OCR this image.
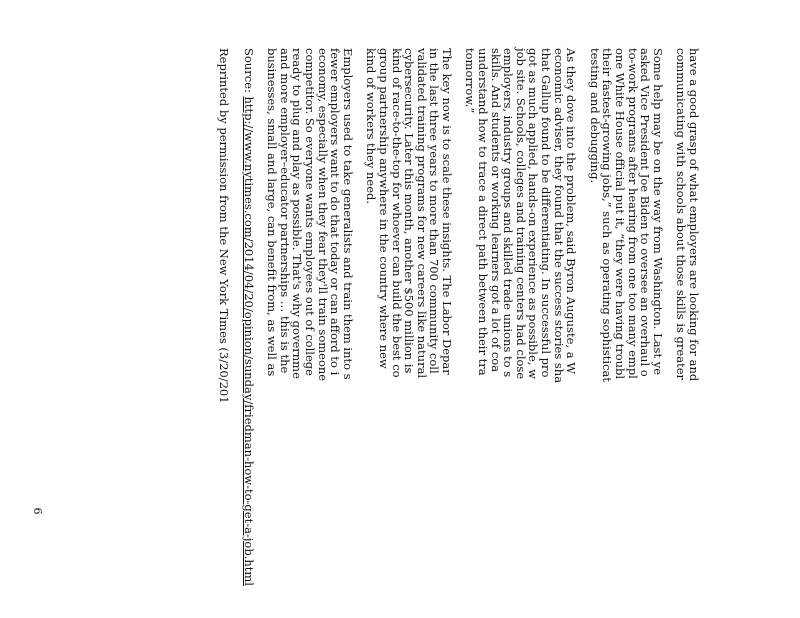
have a good grasp of what employers are looking for and
communicating with schools about those skills is greater
Some help may be on the way from Washington. Last ye
asked Vice President Joe Biden to oversee an overhaul o
to-work programs after hearing from one too many empl
one White House official put it, “they were having troubl
their fastest-growing jobs,” such as operating sophisticat
testing and debugging.
As they dove into the problem, said Byron Auguste, a W
economic adviser, they found that the success stories sha
that Gallup found to be differentiating. In successful pro
got as much applied, hands-on experience as possible, w
job site. Schools, colleges and training centers had close
employers, industry groups and skilled trade unions to s
skills. And students or working learners got a lot of coa
understand how to trace a direct path between their tra
tomorrow.”
The key now is to scale these insights. The Labor Depar
in the last three years to more than 700 community coll
validated training programs for new careers like natural
cybersecurity. Later this month, another $500 million is
kind of race-to-the-top for whoever can build the best co
group partnership anywhere in the country where new
kind of workers they need.
Employers used to take generalists and train them into s
fewer employers want to do that today or can afford to i
economy, especially when they fear they'll train someone
competitor. So everyone wants employees out of college
ready to plug and play as possible. That's why governme
and more employer–educator partnerships … this is the
businesses, small and large, can benefit from, as well as
Source: http://www.nytimes.com/2014/04/20/opinion/sunday/friedman-how-to-get-a-job.html
Reprinted by permission from the New York Times (3/20/201
6
